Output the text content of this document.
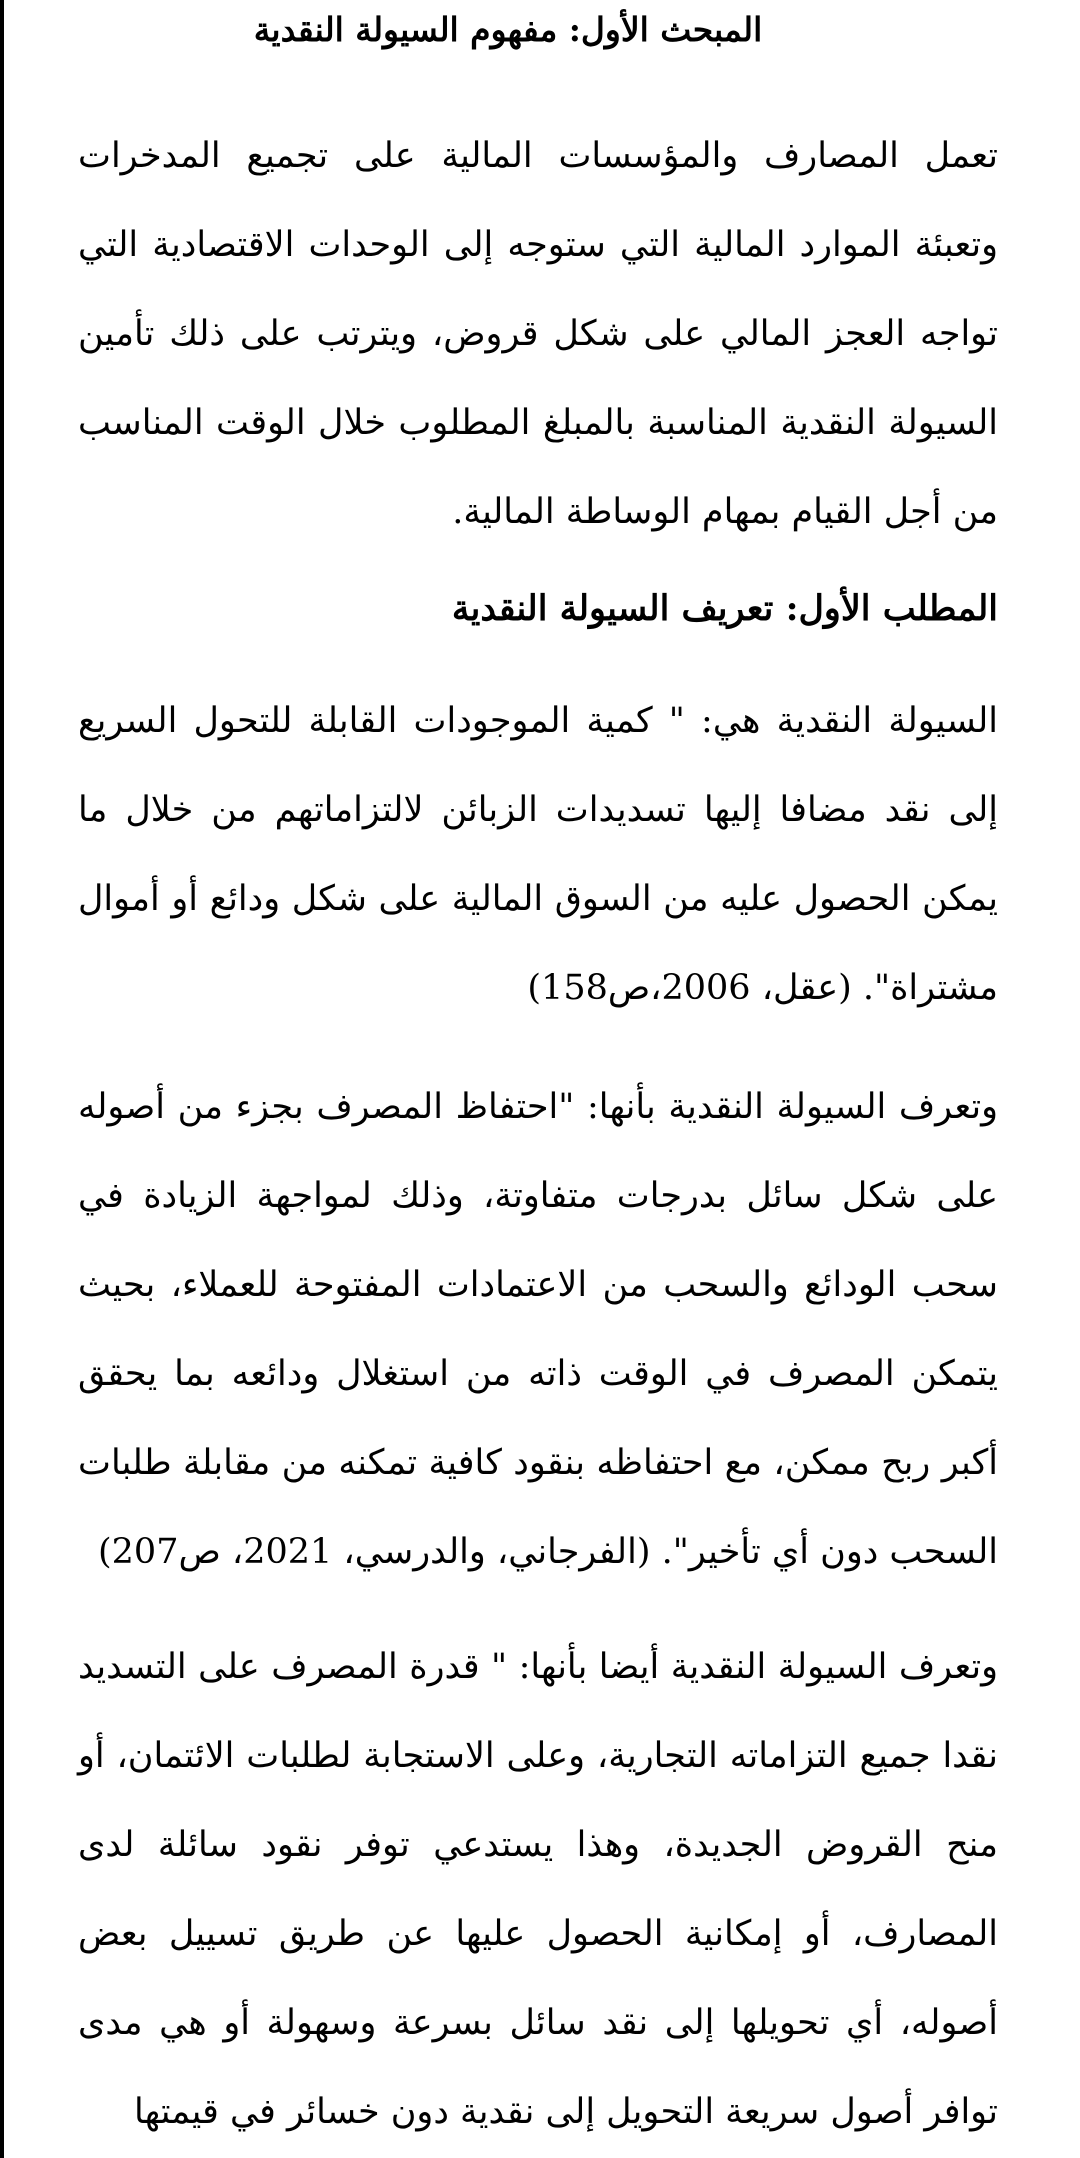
المبحث الأول: مفهوم السيولة النقدية

تعمل المصارف والمؤسسات المالية على تجميع المدخرات وتعبئة الموارد المالية التي ستوجه إلى الوحدات الاقتصادية التي تواجه العجز المالي على شكل قروض، ويترتب على ذلك تأمين السيولة النقدية المناسبة بالمبلغ المطلوب خلال الوقت المناسب من أجل القيام بمهام الوساطة المالية.

المطلب الأول: تعريف السيولة النقدية

السيولة النقدية هي: " كمية الموجودات القابلة للتحول السريع إلى نقد مضافا إليها تسديدات الزبائن لالتزاماتهم من خلال ما يمكن الحصول عليه من السوق المالية على شكل ودائع أو أموال مشتراة". (عقل، 2006،ص158)

وتعرف السيولة النقدية بأنها: "احتفاظ المصرف بجزء من أصوله على شكل سائل بدرجات متفاوتة، وذلك لمواجهة الزيادة في سحب الودائع والسحب من الاعتمادات المفتوحة للعملاء، بحيث يتمكن المصرف في الوقت ذاته من استغلال ودائعه بما يحقق أكبر ربح ممكن، مع احتفاظه بنقود كافية تمكنه من مقابلة طلبات السحب دون أي تأخير". (الفرجاني، والدرسي، 2021، ص207)

وتعرف السيولة النقدية أيضا بأنها: " قدرة المصرف على التسديد نقدا جميع التزاماته التجارية، وعلى الاستجابة لطلبات الائتمان، أو منح القروض الجديدة، وهذا يستدعي توفر نقود سائلة لدى المصارف، أو إمكانية الحصول عليها عن طريق تسييل بعض أصوله، أي تحويلها إلى نقد سائل بسرعة وسهولة أو هي مدى توافر أصول سريعة التحويل إلى نقدية دون خسائر في قيمتها
